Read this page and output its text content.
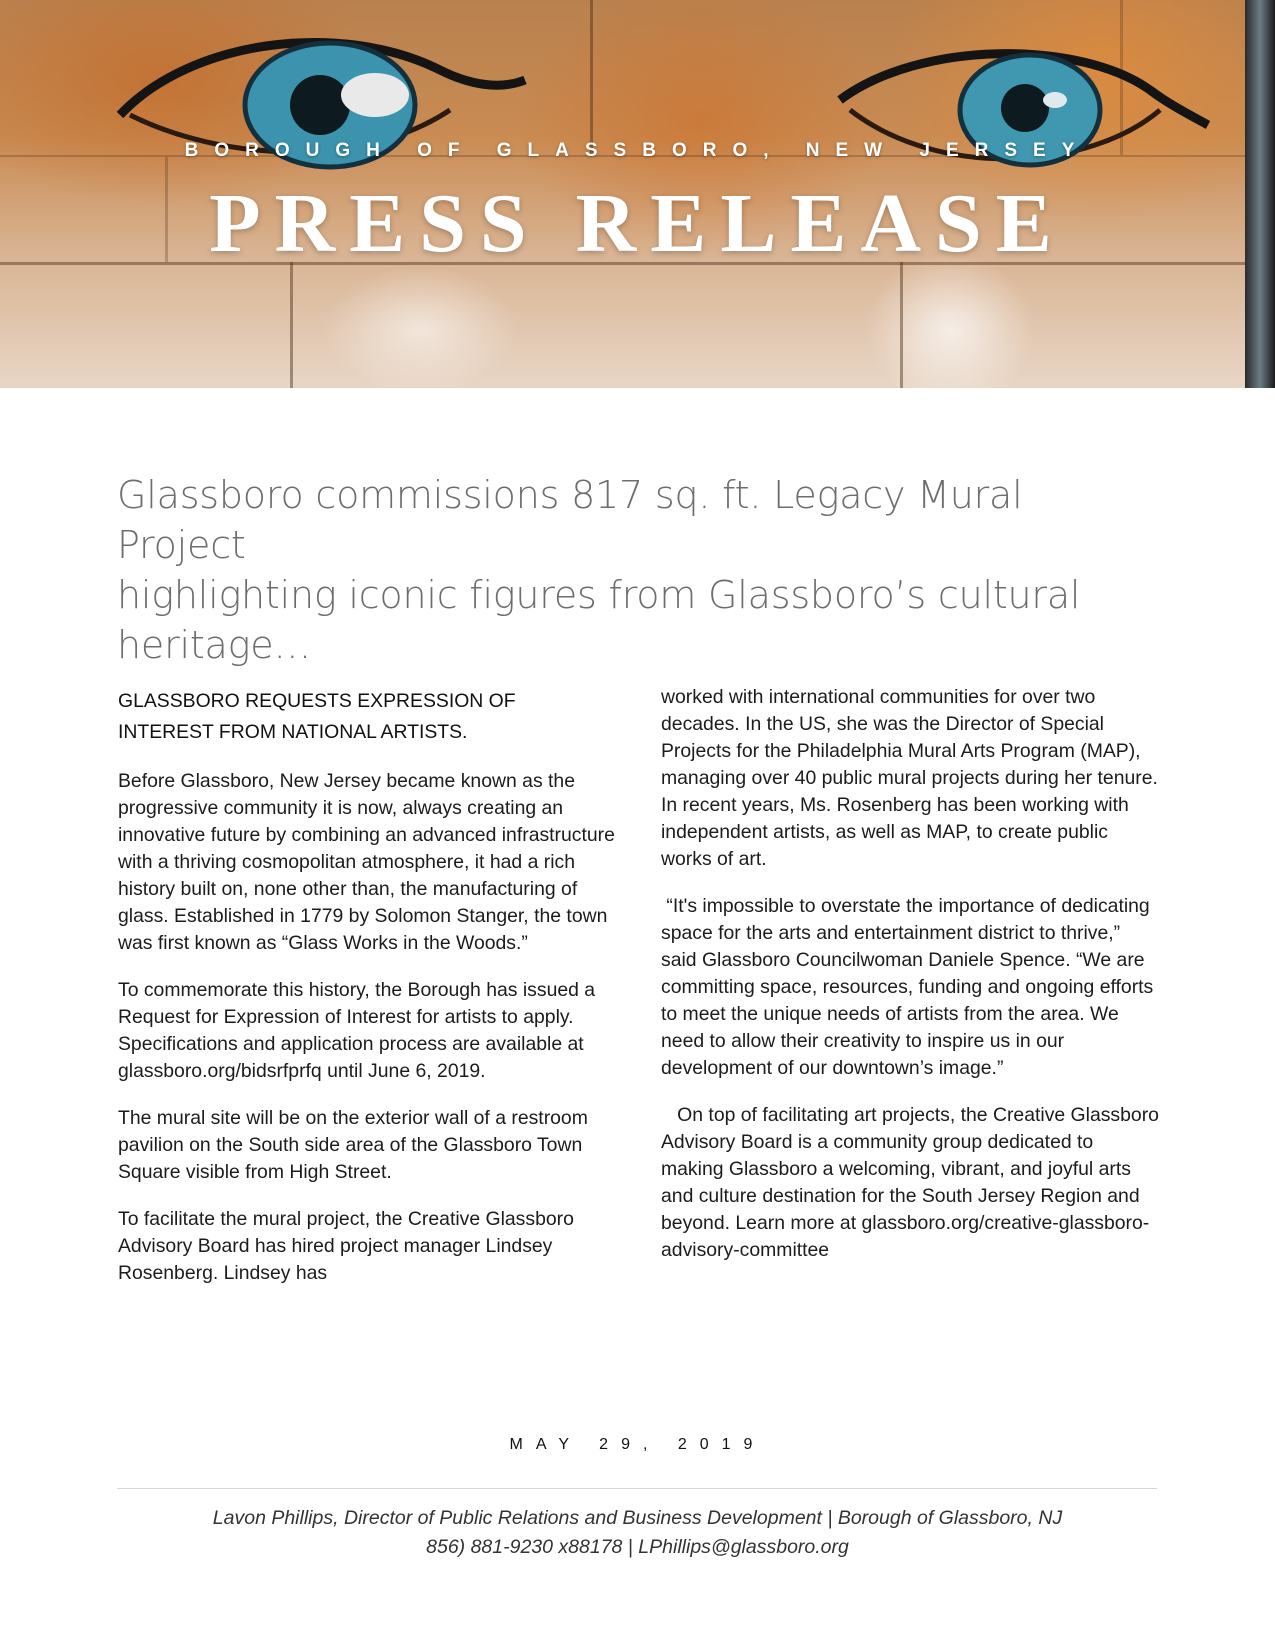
BOROUGH OF GLASSBORO, NEW JERSEY
PRESS RELEASE
Glassboro commissions 817 sq. ft. Legacy Mural Project
highlighting iconic figures from Glassboro’s cultural heritage…

GLASSBORO REQUESTS EXPRESSION OF
INTEREST FROM NATIONAL ARTISTS.

Before Glassboro, New Jersey became known as the progressive community it is now, always creating an innovative future by combining an advanced infrastructure with a thriving cosmopolitan atmosphere, it had a rich history built on, none other than, the manufacturing of glass. Established in 1779 by Solomon Stanger, the town was first known as “Glass Works in the Woods.”

To commemorate this history, the Borough has issued a Request for Expression of Interest for artists to apply. Specifications and application process are available at glassboro.org/bidsrfprfq until June 6, 2019.

The mural site will be on the exterior wall of a restroom pavilion on the South side area of the Glassboro Town Square visible from High Street.

To facilitate the mural project, the Creative Glassboro Advisory Board has hired project manager Lindsey Rosenberg. Lindsey has

worked with international communities for over two decades. In the US, she was the Director of Special Projects for the Philadelphia Mural Arts Program (MAP), managing over 40 public mural projects during her tenure. In recent years, Ms. Rosenberg has been working with independent artists, as well as MAP, to create public works of art.

“It's impossible to overstate the importance of dedicating space for the arts and entertainment district to thrive,” said Glassboro Councilwoman Daniele Spence. “We are committing space, resources, funding and ongoing efforts to meet the unique needs of artists from the area. We need to allow their creativity to inspire us in our development of our downtown’s image.”

On top of facilitating art projects, the Creative Glassboro Advisory Board is a community group dedicated to making Glassboro a welcoming, vibrant, and joyful arts and culture destination for the South Jersey Region and beyond. Learn more at glassboro.org/creative-glassboro-advisory-committee

MAY 29, 2019
Lavon Phillips, Director of Public Relations and Business Development | Borough of Glassboro, NJ
856) 881-9230 x88178 | LPhillips@glassboro.org
